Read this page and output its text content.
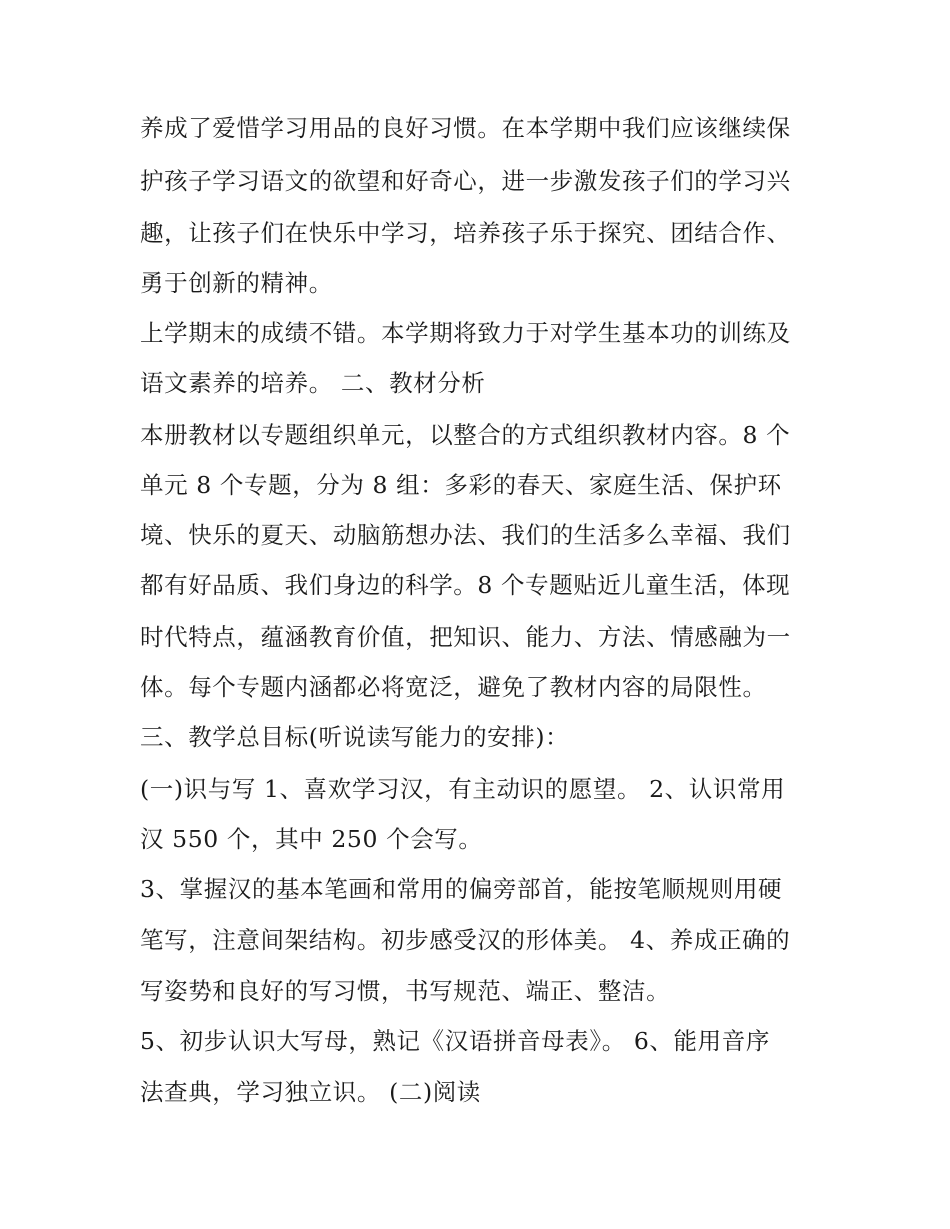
养成了爱惜学习用品的良好习惯。在本学期中我们应该继续保
护孩子学习语文的欲望和好奇心，进一步激发孩子们的学习兴
趣，让孩子们在快乐中学习，培养孩子乐于探究、团结合作、
勇于创新的精神。
上学期末的成绩不错。本学期将致力于对学生基本功的训练及
语文素养的培养。 二、教材分析
本册教材以专题组织单元，以整合的方式组织教材内容。8 个
单元 8 个专题，分为 8 组：多彩的春天、家庭生活、保护环
境、快乐的夏天、动脑筋想办法、我们的生活多么幸福、我们
都有好品质、我们身边的科学。8 个专题贴近儿童生活，体现
时代特点，蕴涵教育价值，把知识、能力、方法、情感融为一
体。每个专题内涵都必将宽泛，避免了教材内容的局限性。
三、教学总目标(听说读写能力的安排)：
(一)识与写 1、喜欢学习汉，有主动识的愿望。 2、认识常用
汉 550 个，其中 250 个会写。
3、掌握汉的基本笔画和常用的偏旁部首，能按笔顺规则用硬
笔写，注意间架结构。初步感受汉的形体美。 4、养成正确的
写姿势和良好的写习惯，书写规范、端正、整洁。
5、初步认识大写母，熟记《汉语拼音母表》。 6、能用音序
法查典，学习独立识。 (二)阅读
